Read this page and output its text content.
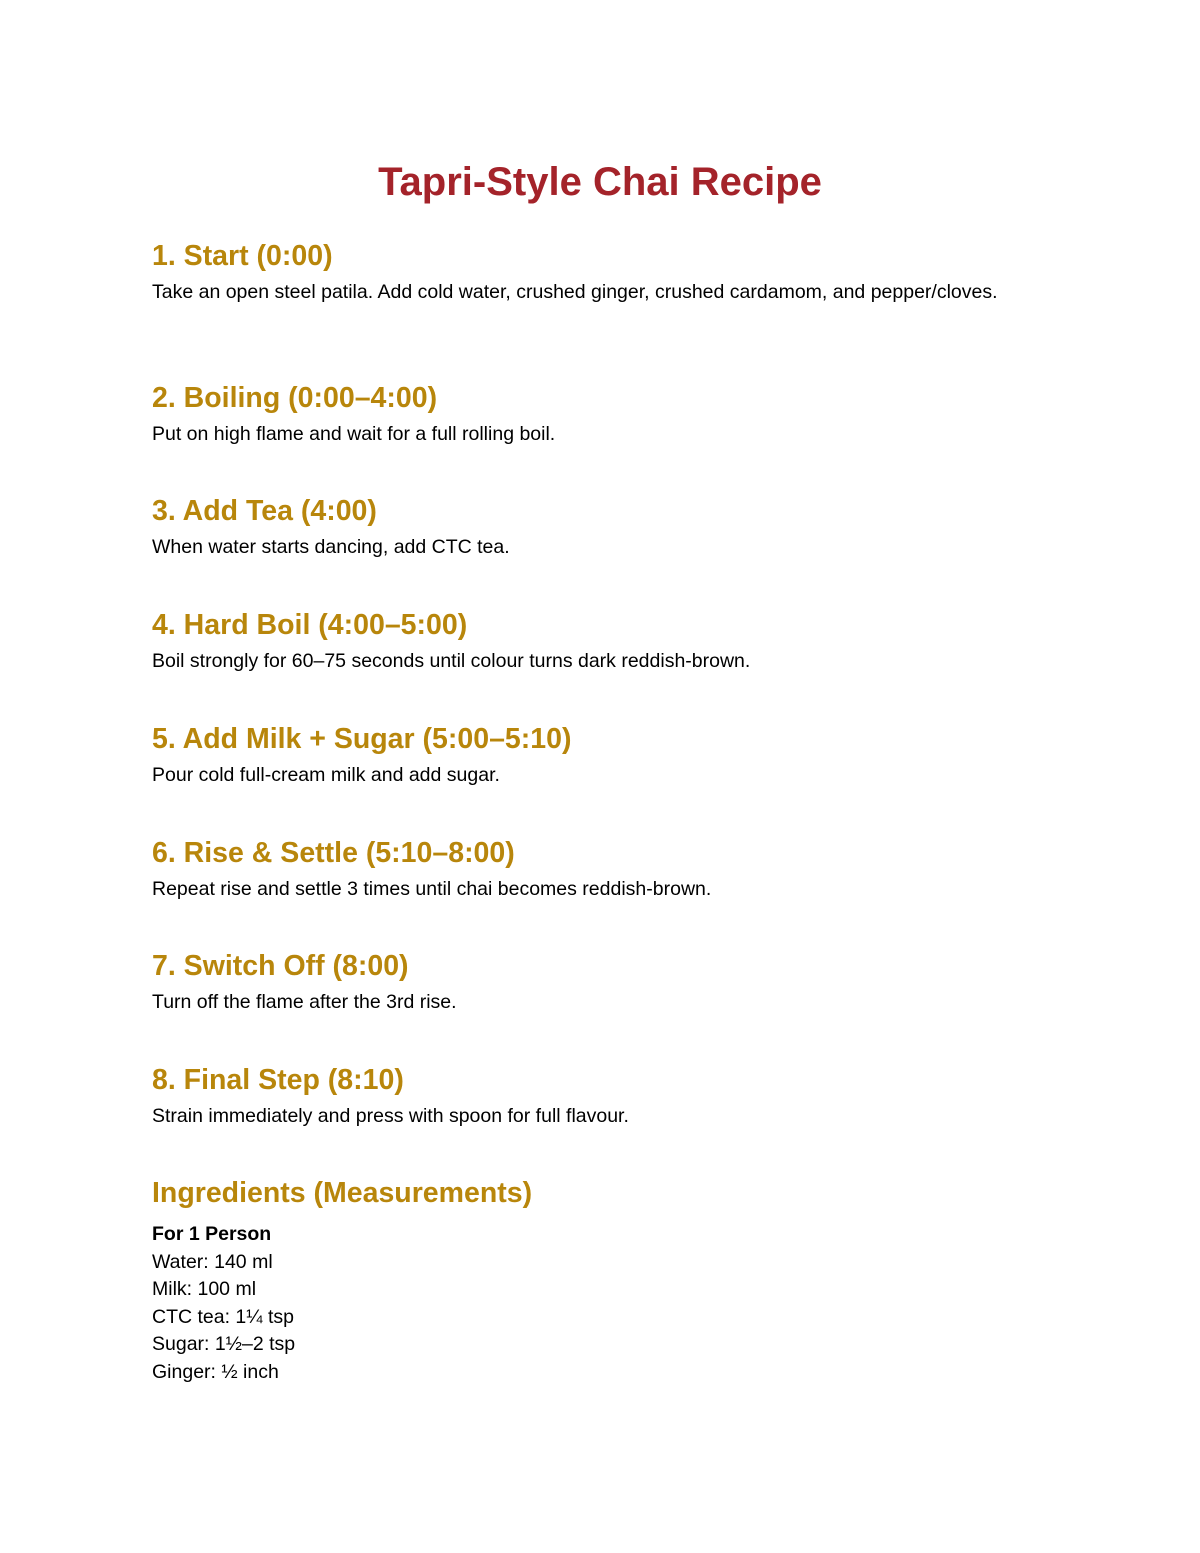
Tapri-Style Chai Recipe
1. Start (0:00)

Take an open steel patila. Add cold water, crushed ginger, crushed cardamom, and pepper/cloves.

2. Boiling (0:00–4:00)

Put on high flame and wait for a full rolling boil.

3. Add Tea (4:00)

When water starts dancing, add CTC tea.

4. Hard Boil (4:00–5:00)

Boil strongly for 60–75 seconds until colour turns dark reddish-brown.

5. Add Milk + Sugar (5:00–5:10)

Pour cold full-cream milk and add sugar.

6. Rise & Settle (5:10–8:00)

Repeat rise and settle 3 times until chai becomes reddish-brown.

7. Switch Off (8:00)

Turn off the flame after the 3rd rise.

8. Final Step (8:10)

Strain immediately and press with spoon for full flavour.

Ingredients (Measurements)
For 1 Person
Water: 140 ml
Milk: 100 ml
CTC tea: 1¼ tsp
Sugar: 1½–2 tsp
Ginger: ½ inch
